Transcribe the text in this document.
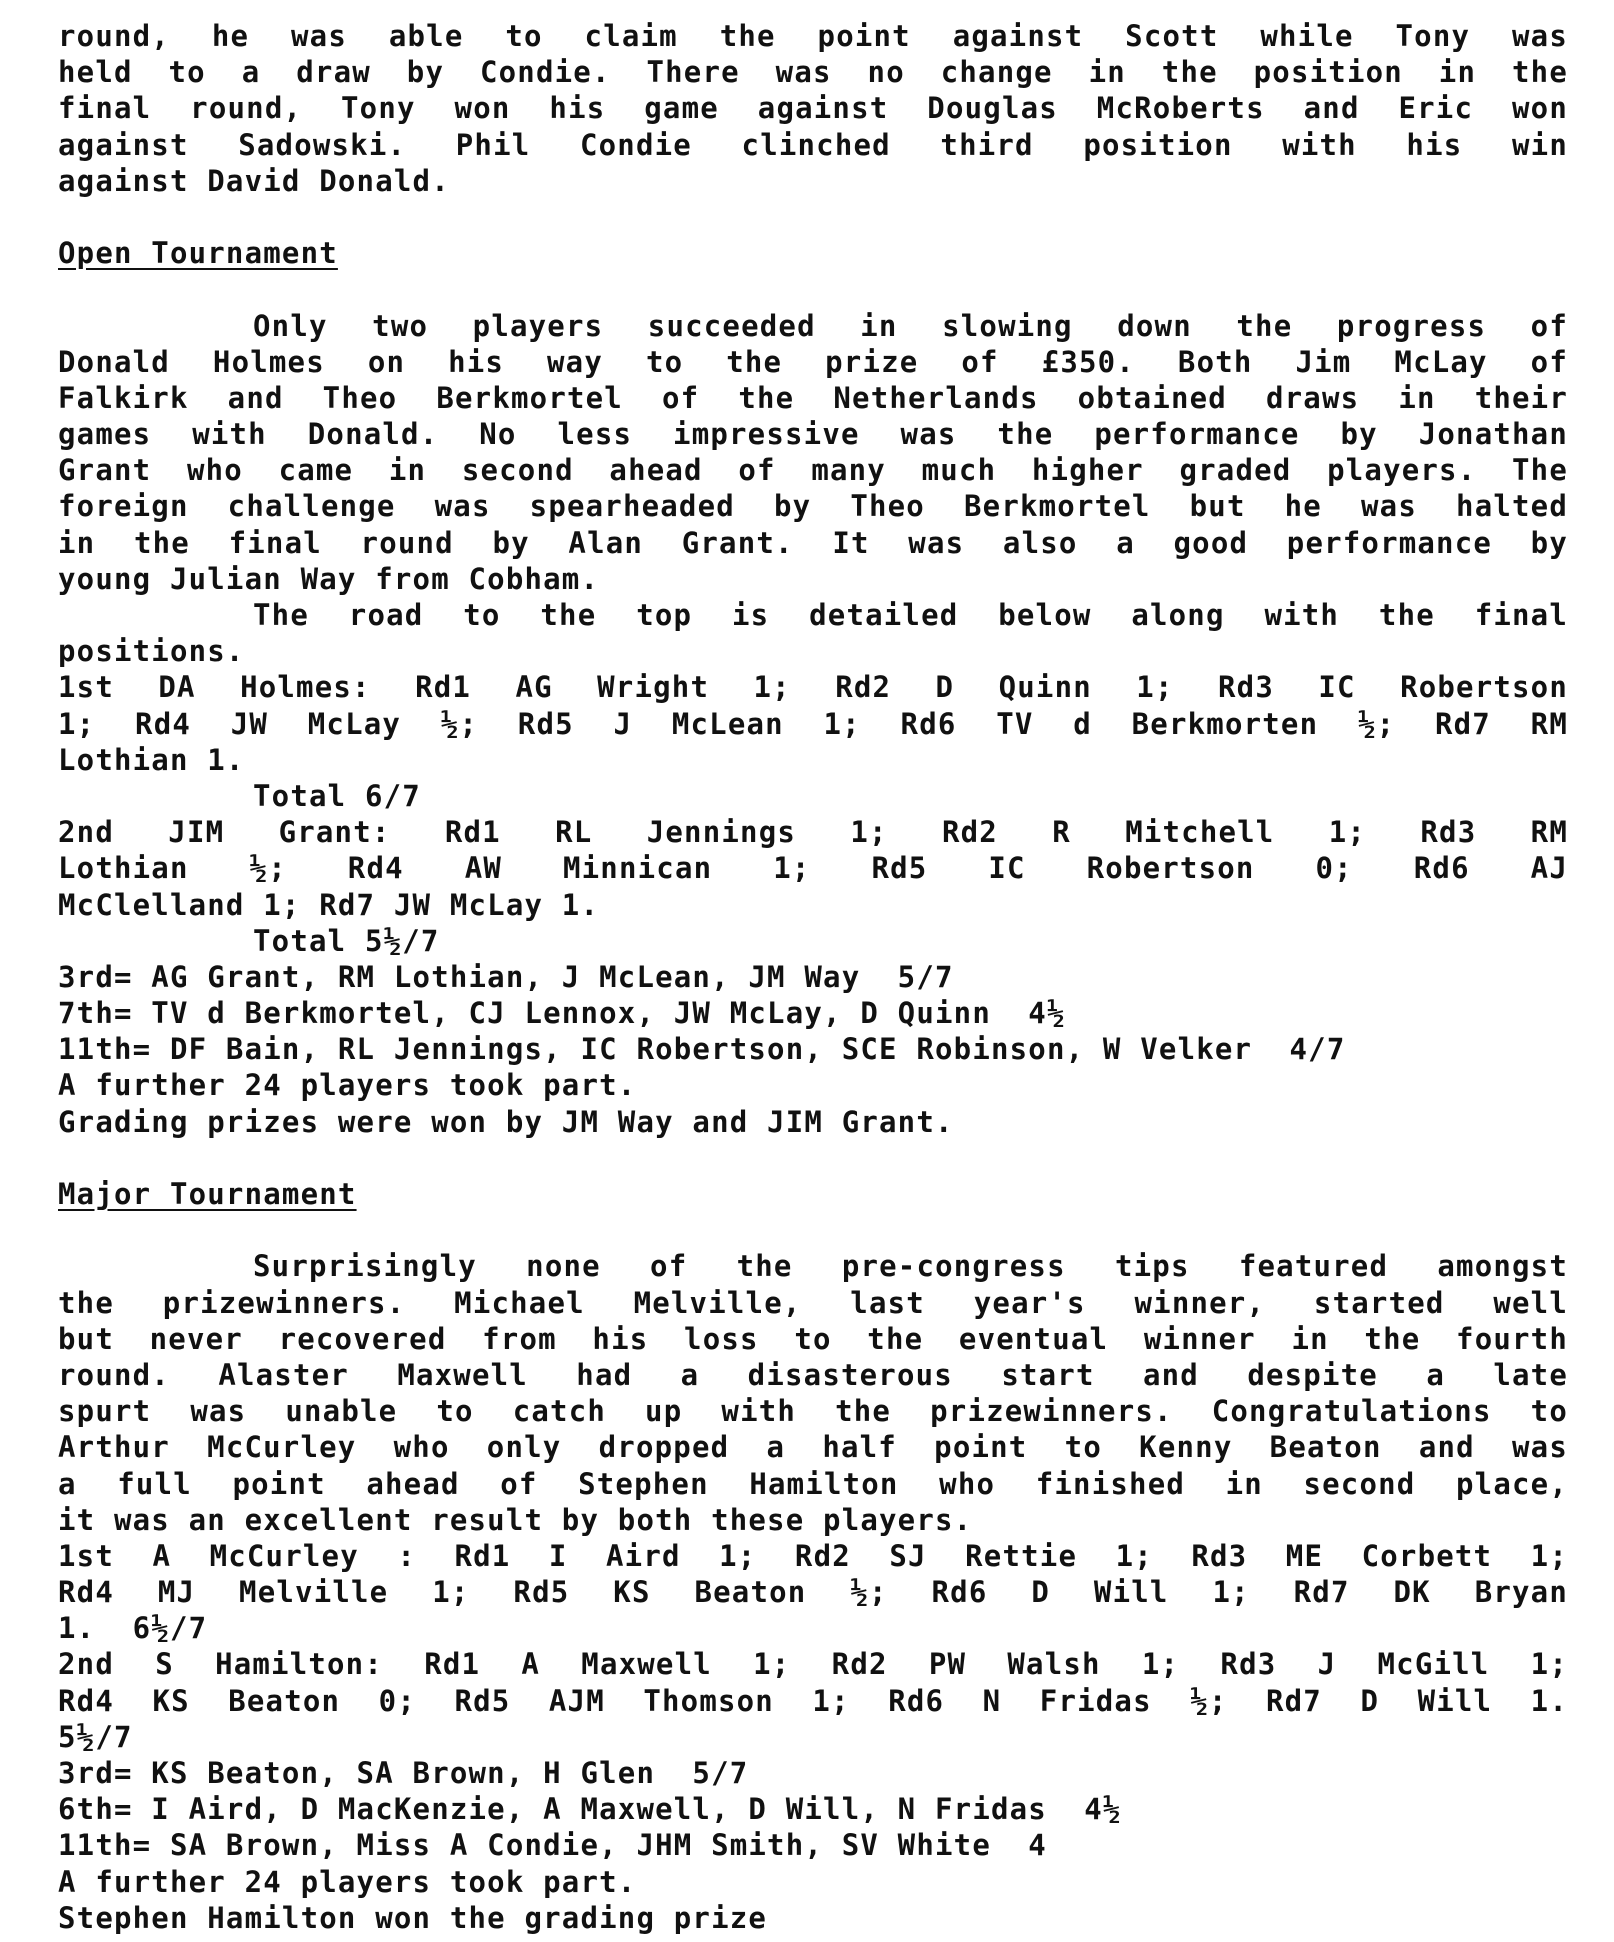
round, he was able to claim the point against Scott while Tony was
held to a draw by Condie. There was no change in the position in the
final round, Tony won his game against Douglas McRoberts and Eric won
against Sadowski. Phil Condie clinched third position with his win
against David Donald.
Open Tournament
Only two players succeeded in slowing down the progress of
Donald Holmes on his way to the prize of £350. Both Jim McLay of
Falkirk and Theo Berkmortel of the Netherlands obtained draws in their
games with Donald. No less impressive was the performance by Jonathan
Grant who came in second ahead of many much higher graded players. The
foreign challenge was spearheaded by Theo Berkmortel but he was halted
in the final round by Alan Grant. It was also a good performance by
young Julian Way from Cobham.
The road to the top is detailed below along with the final
positions.
1st DA Holmes: Rd1 AG Wright 1; Rd2 D Quinn 1; Rd3 IC Robertson
1; Rd4 JW McLay ½; Rd5 J McLean 1; Rd6 TV d Berkmorten ½; Rd7 RM
Lothian 1.
Total 6/7
2nd JIM Grant: Rd1 RL Jennings 1; Rd2 R Mitchell 1; Rd3 RM
Lothian ½; Rd4 AW Minnican 1; Rd5 IC Robertson 0; Rd6 AJ
McClelland 1; Rd7 JW McLay 1.
Total 5½/7
3rd= AG Grant, RM Lothian, J McLean, JM Way  5/7
7th= TV d Berkmortel, CJ Lennox, JW McLay, D Quinn  4½
11th= DF Bain, RL Jennings, IC Robertson, SCE Robinson, W Velker  4/7
A further 24 players took part.
Grading prizes were won by JM Way and JIM Grant.
Major Tournament
Surprisingly none of the pre-congress tips featured amongst
the prizewinners. Michael Melville, last year's winner, started well
but never recovered from his loss to the eventual winner in the fourth
round. Alaster Maxwell had a disasterous start and despite a late
spurt was unable to catch up with the prizewinners. Congratulations to
Arthur McCurley who only dropped a half point to Kenny Beaton and was
a full point ahead of Stephen Hamilton who finished in second place,
it was an excellent result by both these players.
1st A McCurley : Rd1 I Aird 1; Rd2 SJ Rettie 1; Rd3 ME Corbett 1;
Rd4 MJ Melville 1; Rd5 KS Beaton ½; Rd6 D Will 1; Rd7 DK Bryan
1.  6½/7
2nd S Hamilton: Rd1 A Maxwell 1; Rd2 PW Walsh 1; Rd3 J McGill 1;
Rd4 KS Beaton 0; Rd5 AJM Thomson 1; Rd6 N Fridas ½; Rd7 D Will 1.
5½/7
3rd= KS Beaton, SA Brown, H Glen  5/7
6th= I Aird, D MacKenzie, A Maxwell, D Will, N Fridas  4½
11th= SA Brown, Miss A Condie, JHM Smith, SV White  4
A further 24 players took part.
Stephen Hamilton won the grading prize
